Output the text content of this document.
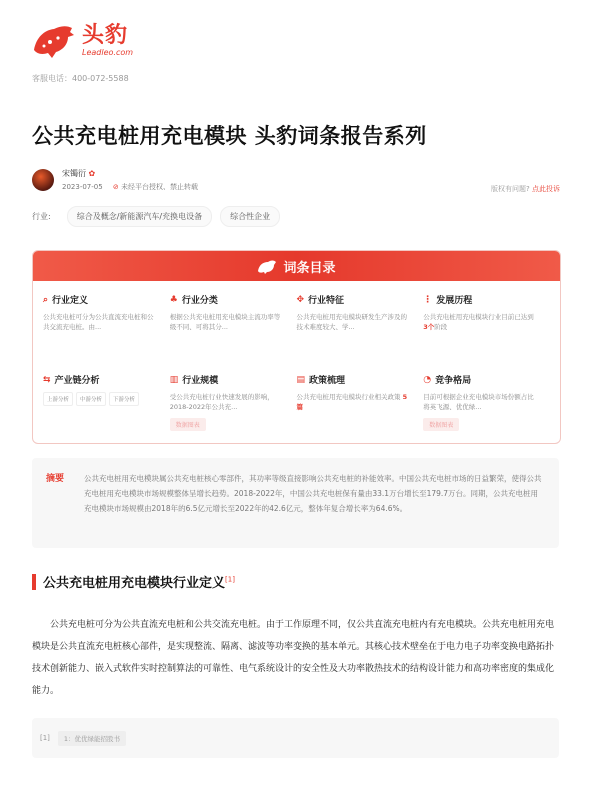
头豹
Leadleo.com
客服电话：400-072-5588
公共充电桩用充电模块 头豹词条报告系列
宋镯衍 ✿
2023-07-05 ⊘ 未经平台授权、禁止转载	版权有问题? 点此投诉
行业:	综合及概念/新能源汽车/充换电设备	综合性企业
词条目录
⌕ 行业定义
公共充电桩可分为公共直流充电桩和公共交流充电桩。由...
♣ 行业分类
根据公共充电桩用充电模块主流功率等级不同、可将其分...
✥ 行业特征
公共充电桩用充电模块研发生产涉及的技术难度较大、学...
⋮ 发展历程
公共充电桩用充电模块行业目前已达到 3个阶段
⇆ 产业链分析
上游分析	中游分析	下游分析
▥ 行业规模
受公共充电桩行业快速发展的影响，2018-2022年公共充...
数据图表
▤ 政策梳理
公共充电桩用充电模块行业相关政策 5篇
◔ 竞争格局
目前可根据企业充电模块市场份额占比将英飞源、优优绿...
数据图表
摘要	公共充电桩用充电模块属公共充电桩核心零部件，其功率等级直接影响公共充电桩的补能效率。中国公共充电桩市场的日益繁荣，使得公共充电桩用充电模块市场规模整体呈增长趋势。2018-2022年，中国公共充电桩保有量由33.1万台增长至179.7万台。同期，公共充电桩用充电模块市场规模由2018年的6.5亿元增长至2022年的42.6亿元，整体年复合增长率为64.6%。
公共充电桩用充电模块行业定义[1]
公共充电桩可分为公共直流充电桩和公共交流充电桩。由于工作原理不同，仅公共直流充电桩内有充电模块。公共充电桩用充电模块是公共直流充电桩核心部件，是实现整流、隔离、滤波等功率变换的基本单元。其核心技术壁垒在于电力电子功率变换电路拓扑技术创新能力、嵌入式软件实时控制算法的可靠性、电气系统设计的安全性及大功率散热技术的结构设计能力和高功率密度的集成化能力。
[1]	1：优优绿能招股书
